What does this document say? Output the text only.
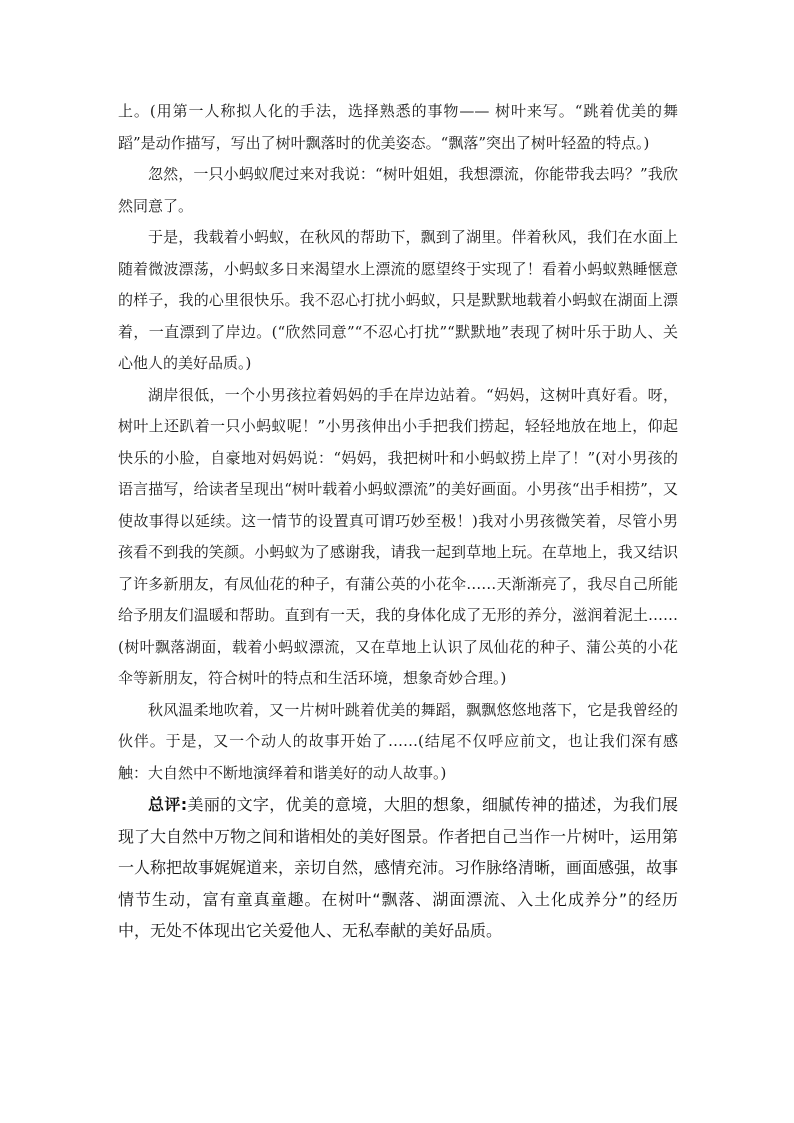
上。(用第一人称拟人化的手法，选择熟悉的事物—— 树叶来写。“跳着优美的舞蹈”是动作描写，写出了树叶飘落时的优美姿态。“飘落”突出了树叶轻盈的特点。)

忽然，一只小蚂蚁爬过来对我说：“树叶姐姐，我想漂流，你能带我去吗？”我欣然同意了。

于是，我载着小蚂蚁，在秋风的帮助下，飘到了湖里。伴着秋风，我们在水面上随着微波漂荡，小蚂蚁多日来渴望水上漂流的愿望终于实现了！看着小蚂蚁熟睡惬意的样子，我的心里很快乐。我不忍心打扰小蚂蚁，只是默默地载着小蚂蚁在湖面上漂着，一直漂到了岸边。(“欣然同意”“不忍心打扰”“默默地”表现了树叶乐于助人、关心他人的美好品质。)

湖岸很低，一个小男孩拉着妈妈的手在岸边站着。“妈妈，这树叶真好看。呀，树叶上还趴着一只小蚂蚁呢！”小男孩伸出小手把我们捞起，轻轻地放在地上，仰起快乐的小脸，自豪地对妈妈说：“妈妈，我把树叶和小蚂蚁捞上岸了！”(对小男孩的语言描写，给读者呈现出“树叶载着小蚂蚁漂流”的美好画面。小男孩“出手相捞”，又使故事得以延续。这一情节的设置真可谓巧妙至极！)我对小男孩微笑着，尽管小男孩看不到我的笑颜。小蚂蚁为了感谢我，请我一起到草地上玩。在草地上，我又结识了许多新朋友，有凤仙花的种子，有蒲公英的小花伞……天渐渐亮了，我尽自己所能给予朋友们温暖和帮助。直到有一天，我的身体化成了无形的养分，滋润着泥土……(树叶飘落湖面，载着小蚂蚁漂流，又在草地上认识了凤仙花的种子、蒲公英的小花伞等新朋友，符合树叶的特点和生活环境，想象奇妙合理。)

秋风温柔地吹着，又一片树叶跳着优美的舞蹈，飘飘悠悠地落下，它是我曾经的伙伴。于是，又一个动人的故事开始了……(结尾不仅呼应前文，也让我们深有感触：大自然中不断地演绎着和谐美好的动人故事。)

总评:美丽的文字，优美的意境，大胆的想象，细腻传神的描述，为我们展现了大自然中万物之间和谐相处的美好图景。作者把自己当作一片树叶，运用第一人称把故事娓娓道来，亲切自然，感情充沛。习作脉络清晰，画面感强，故事情节生动，富有童真童趣。在树叶“飘落、湖面漂流、入土化成养分”的经历中，无处不体现出它关爱他人、无私奉献的美好品质。
